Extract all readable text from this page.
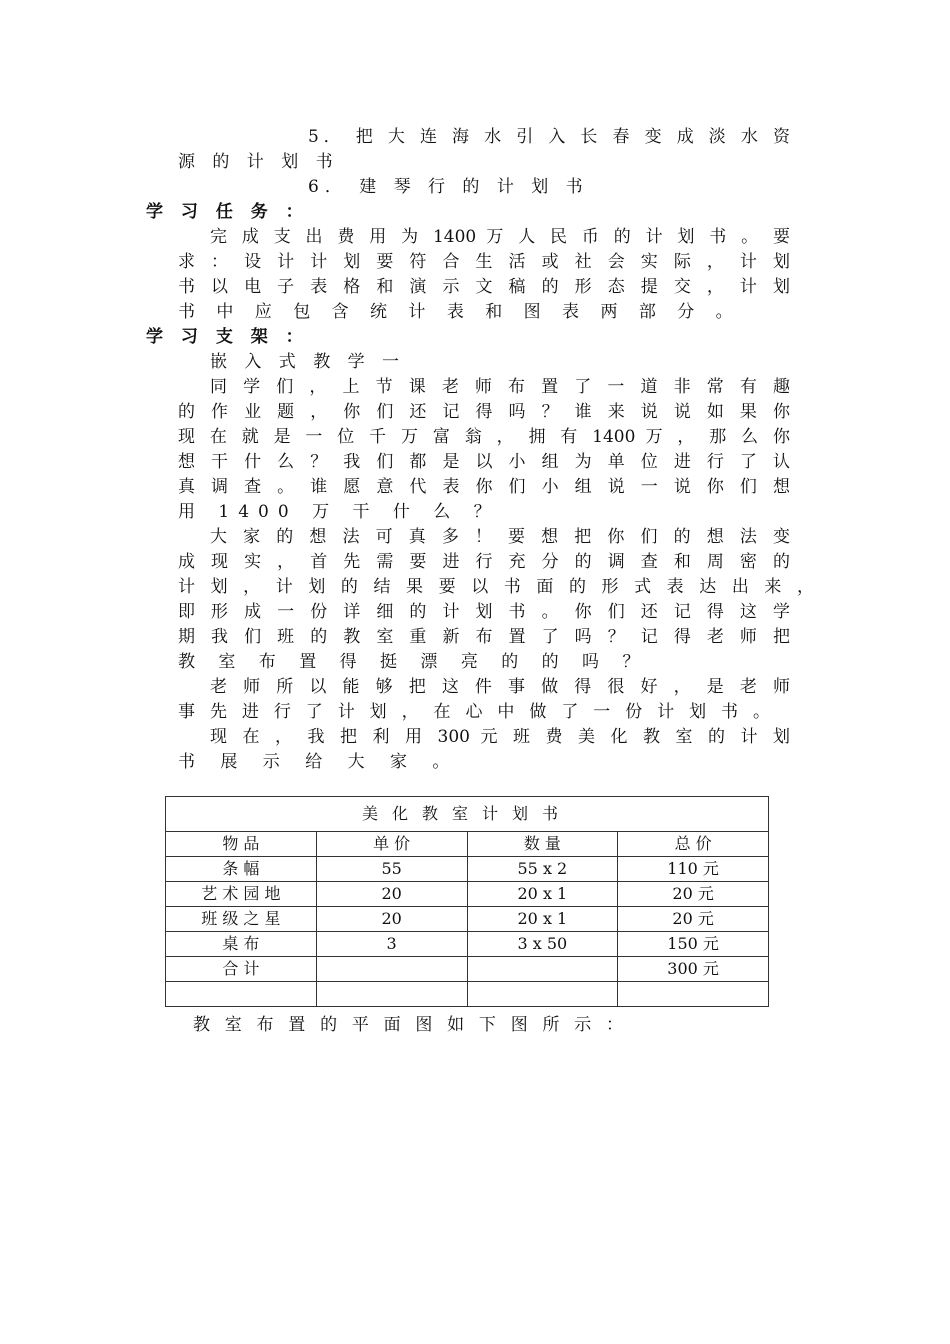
5． 把 大 连 海 水 引 入 长 春 变 成 淡 水 资
源 的 计 划 书
6． 建 琴 行 的 计 划 书
学 习 任 务 ：
完 成 支 出 费 用 为 1400 万 人 民 币 的 计 划 书 。 要
求 ： 设 计 计 划 要 符 合 生 活 或 社 会 实 际 ， 计 划
书 以 电 子 表 格 和 演 示 文 稿 的 形 态 提 交 ， 计 划
书 中 应 包 含 统 计 表 和 图 表 两 部 分 。
学 习 支 架 ：
嵌 入 式 教 学 一
同 学 们 ， 上 节 课 老 师 布 置 了 一 道 非 常 有 趣
的 作 业 题 ， 你 们 还 记 得 吗 ？ 谁 来 说 说 如 果 你
现 在 就 是 一 位 千 万 富 翁 ， 拥 有 1400 万 ， 那 么 你
想 干 什 么 ？ 我 们 都 是 以 小 组 为 单 位 进 行 了 认
真 调 查 。 谁 愿 意 代 表 你 们 小 组 说 一 说 你 们 想
用 1400 万 干 什 么 ？
大 家 的 想 法 可 真 多 ！ 要 想 把 你 们 的 想 法 变
成 现 实 ， 首 先 需 要 进 行 充 分 的 调 查 和 周 密 的
计 划 ， 计 划 的 结 果 要 以 书 面 的 形 式 表 达 出 来 ，
即 形 成 一 份 详 细 的 计 划 书 。 你 们 还 记 得 这 学
期 我 们 班 的 教 室 重 新 布 置 了 吗 ？ 记 得 老 师 把
教 室 布 置 得 挺 漂 亮 的 的 吗 ？
老 师 所 以 能 够 把 这 件 事 做 得 很 好 ， 是 老 师
事 先 进 行 了 计 划 ， 在 心 中 做 了 一 份 计 划 书 。
现 在 ， 我 把 利 用 300 元 班 费 美 化 教 室 的 计 划
书 展 示 给 大 家 。
美化教室计划书			
物 品	单 价	数 量	总 价
条 幅	55	55 x 2	110 元
艺 术 园 地	20	20 x 1	20 元
班 级 之 星	20	20 x 1	20 元
桌 布	3	3 x 50	150 元
合 计			300 元

教 室 布 置 的 平 面 图 如 下 图 所 示 ：
